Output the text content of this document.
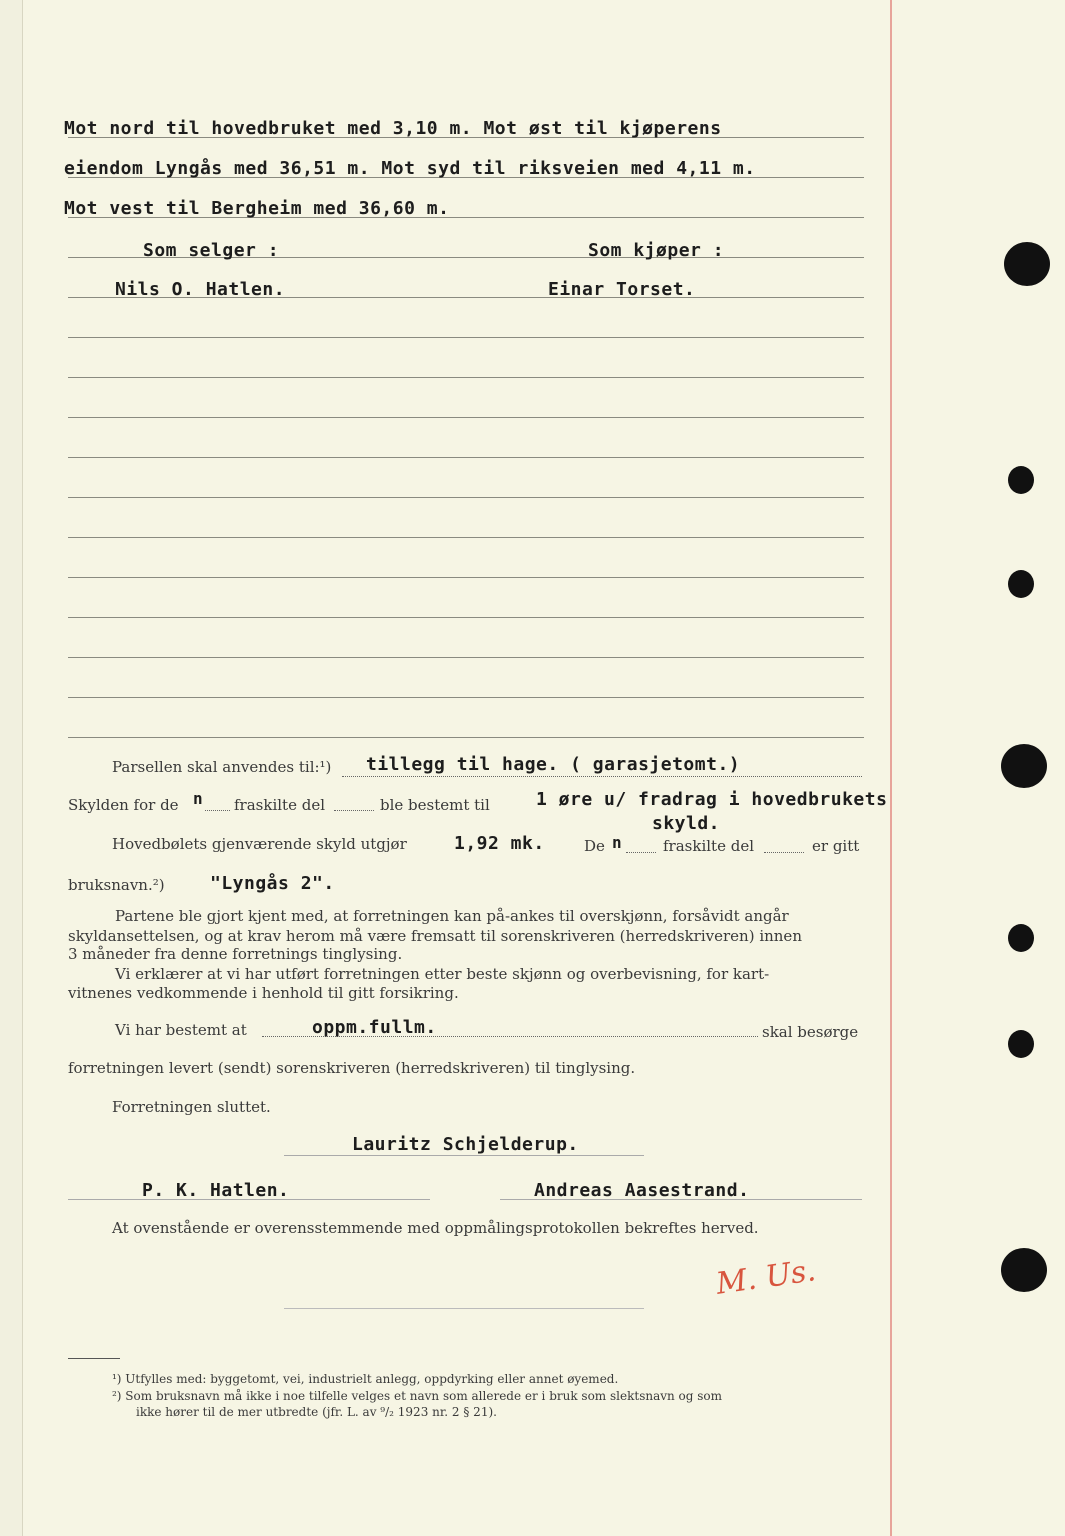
Mot nord til hovedbruket med 3,10 m. Mot øst til kjøperens
eiendom Lyngås med 36,51 m. Mot syd til riksveien med 4,11 m.
Mot vest til Bergheim med 36,60 m.
Som selger :	Som kjøper :
Nils O. Hatlen.	Einar Torset.
Parsellen skal anvendes til:¹) tillegg til hage. ( garasjetomt.)
Skylden for de n fraskilte del	ble bestemt til	1 øre u/ fradrag i hovedbrukets
skyld.
Hovedbølets gjenværende skyld utgjør	1,92 mk.	De n	fraskilte del	er gitt
bruksnavn.²)	"Lyngås 2".
Partene ble gjort kjent med, at forretningen kan på-ankes til overskjønn, forsåvidt angår
skyldansettelsen, og at krav herom må være fremsatt til sorenskriveren (herredskriveren) innen
3 måneder fra denne forretnings tinglysing.
Vi erklærer at vi har utført forretningen etter beste skjønn og overbevisning, for kart-
vitnenes vedkommende i henhold til gitt forsikring.
Vi har bestemt at	oppm.fullm.	skal besørge
forretningen levert (sendt) sorenskriveren (herredskriveren) til tinglysing.
Forretningen sluttet.
Lauritz Schjelderup.
P. K. Hatlen.	Andreas Aasestrand.
At ovenstående er overensstemmende med oppmålingsprotokollen bekreftes herved.
M. Us.
¹) Utfylles med: byggetomt, vei, industrielt anlegg, oppdyrking eller annet øyemed.
²) Som bruksnavn må ikke i noe tilfelle velges et navn som allerede er i bruk som slektsnavn og som
ikke hører til de mer utbredte (jfr. L. av ⁹/₂ 1923 nr. 2 § 21).
